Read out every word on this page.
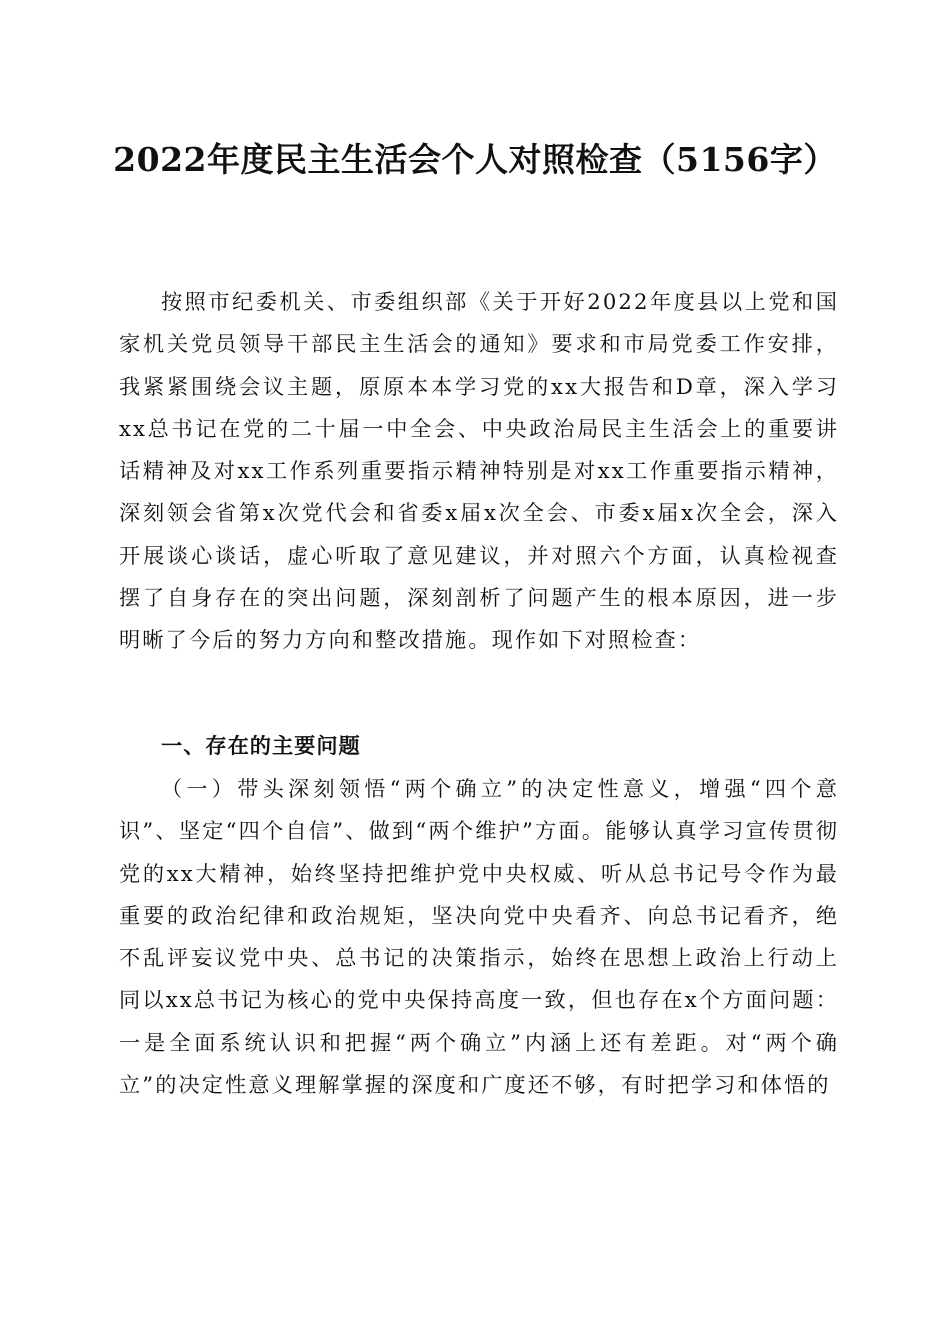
2022年度民主生活会个人对照检查（5156字）

按照市纪委机关、市委组织部《关于开好2022年度县以上党和国家机关党员领导干部民主生活会的通知》要求和市局党委工作安排，我紧紧围绕会议主题，原原本本学习党的xx大报告和D章，深入学习xx总书记在党的二十届一中全会、中央政治局民主生活会上的重要讲话精神及对xx工作系列重要指示精神特别是对xx工作重要指示精神，深刻领会省第x次党代会和省委x届x次全会、市委x届x次全会，深入开展谈心谈话，虚心听取了意见建议，并对照六个方面，认真检视查摆了自身存在的突出问题，深刻剖析了问题产生的根本原因，进一步明晰了今后的努力方向和整改措施。现作如下对照检查：

一、存在的主要问题

（一）带头深刻领悟“两个确立”的决定性意义，增强“四个意识”、坚定“四个自信”、做到“两个维护”方面。能够认真学习宣传贯彻党的xx大精神，始终坚持把维护党中央权威、听从总书记号令作为最重要的政治纪律和政治规矩，坚决向党中央看齐、向总书记看齐，绝不乱评妄议党中央、总书记的决策指示，始终在思想上政治上行动上同以xx总书记为核心的党中央保持高度一致，但也存在x个方面问题：一是全面系统认识和把握“两个确立”内涵上还有差距。对“两个确立”的决定性意义理解掌握的深度和广度还不够，有时把学习和体悟的
